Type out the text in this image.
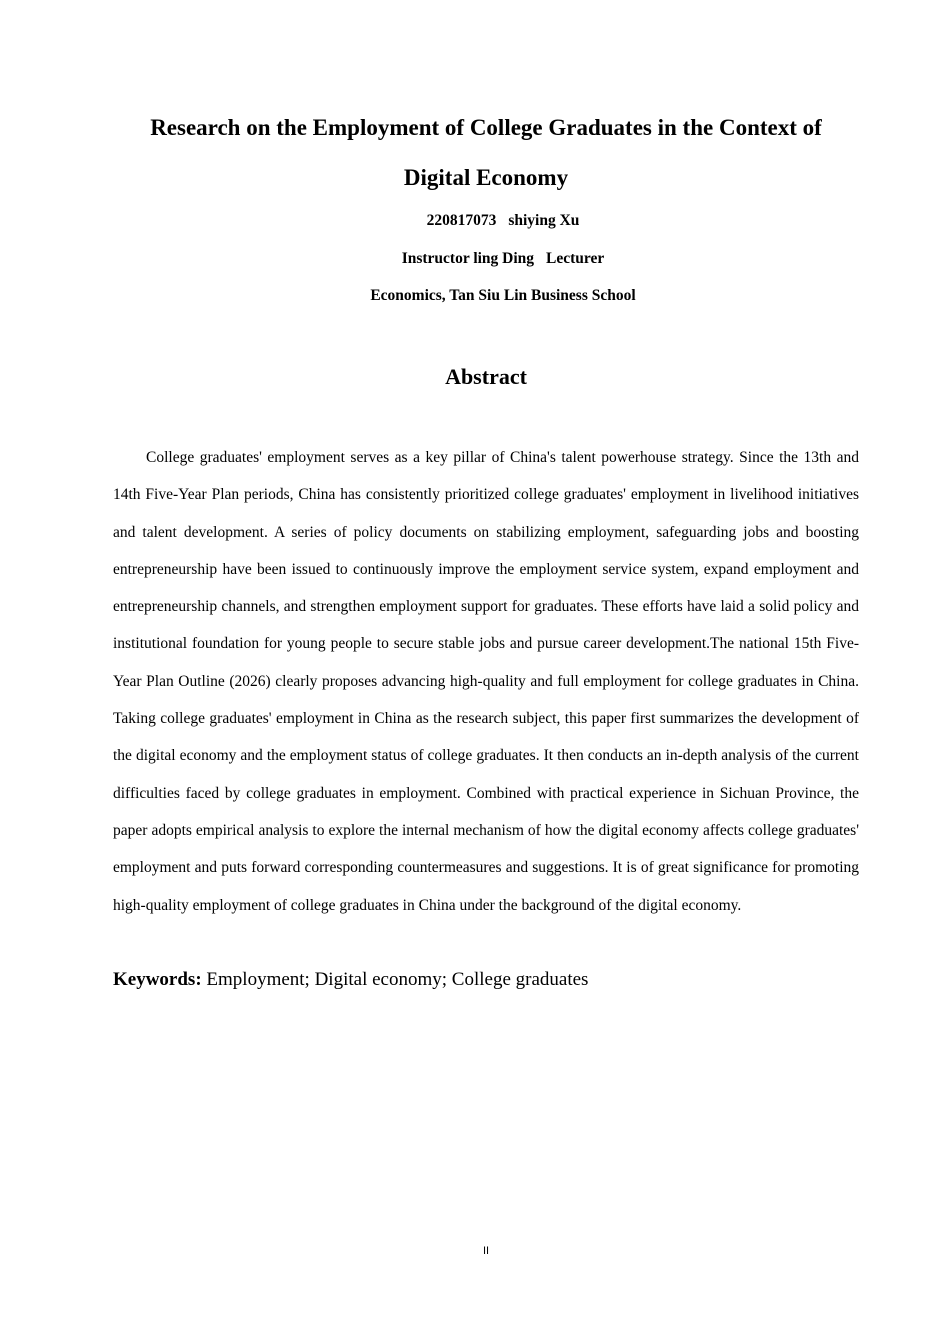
Research on the Employment of College Graduates in the Context of
Digital Economy
220817073 shiying Xu
Instructor ling Ding Lecturer
Economics, Tan Siu Lin Business School
Abstract

College graduates' employment serves as a key pillar of China's talent powerhouse strategy. Since the 13th and 14th Five-Year Plan periods, China has consistently prioritized college graduates' employment in livelihood initiatives and talent development. A series of policy documents on stabilizing employment, safeguarding jobs and boosting entrepreneurship have been issued to continuously improve the employment service system, expand employment and entrepreneurship channels, and strengthen employment support for graduates. These efforts have laid a solid policy and institutional foundation for young people to secure stable jobs and pursue career development.The national 15th Five-Year Plan Outline (2026) clearly proposes advancing high-quality and full employment for college graduates in China. Taking college graduates' employment in China as the research subject, this paper first summarizes the development of the digital economy and the employment status of college graduates. It then conducts an in-depth analysis of the current difficulties faced by college graduates in employment. Combined with practical experience in Sichuan Province, the paper adopts empirical analysis to explore the internal mechanism of how the digital economy affects college graduates' employment and puts forward corresponding countermeasures and suggestions. It is of great significance for promoting high-quality employment of college graduates in China under the background of the digital economy.

Keywords: Employment; Digital economy; College graduates

II
